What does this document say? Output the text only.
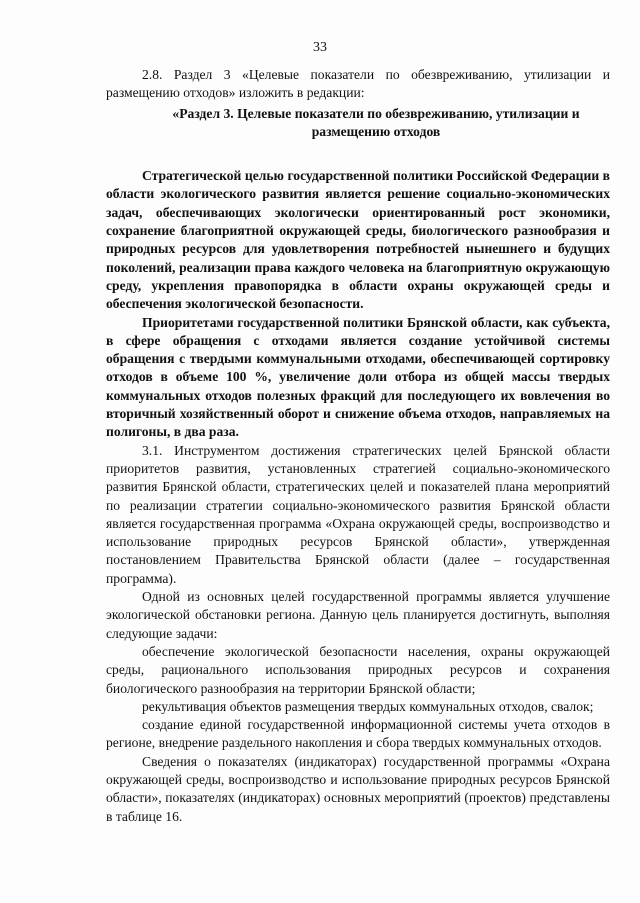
33

2.8. Раздел 3 «Целевые показатели по обезвреживанию, утилизации и размещению отходов» изложить в редакции:

«Раздел 3. Целевые показатели по обезвреживанию, утилизации и размещению отходов

Стратегической целью государственной политики Российской Федерации в области экологического развития является решение социально-экономических задач, обеспечивающих экологически ориентированный рост экономики, сохранение благоприятной окружающей среды, биологического разнообразия и природных ресурсов для удовлетворения потребностей нынешнего и будущих поколений, реализации права каждого человека на благоприятную окружающую среду, укрепления правопорядка в области охраны окружающей среды и обеспечения экологической безопасности.

Приоритетами государственной политики Брянской области, как субъекта, в сфере обращения с отходами является создание устойчивой системы обращения с твердыми коммунальными отходами, обеспечивающей сортировку отходов в объеме 100 %, увеличение доли отбора из общей массы твердых коммунальных отходов полезных фракций для последующего их вовлечения во вторичный хозяйственный оборот и снижение объема отходов, направляемых на полигоны, в два раза.

3.1. Инструментом достижения стратегических целей Брянской области приоритетов развития, установленных стратегией социально-экономического развития Брянской области, стратегических целей и показателей плана мероприятий по реализации стратегии социально-экономического развития Брянской области является государственная программа «Охрана окружающей среды, воспроизводство и использование природных ресурсов Брянской области», утвержденная постановлением Правительства Брянской области (далее – государственная программа).

Одной из основных целей государственной программы является улучшение экологической обстановки региона. Данную цель планируется достигнуть, выполняя следующие задачи:

обеспечение экологической безопасности населения, охраны окружающей среды, рационального использования природных ресурсов и сохранения биологического разнообразия на территории Брянской области;

рекультивация объектов размещения твердых коммунальных отходов, свалок;

создание единой государственной информационной системы учета отходов в регионе, внедрение раздельного накопления и сбора твердых коммунальных отходов.

Сведения о показателях (индикаторах) государственной программы «Охрана окружающей среды, воспроизводство и использование природных ресурсов Брянской области», показателях (индикаторах) основных мероприятий (проектов) представлены в таблице 16.
